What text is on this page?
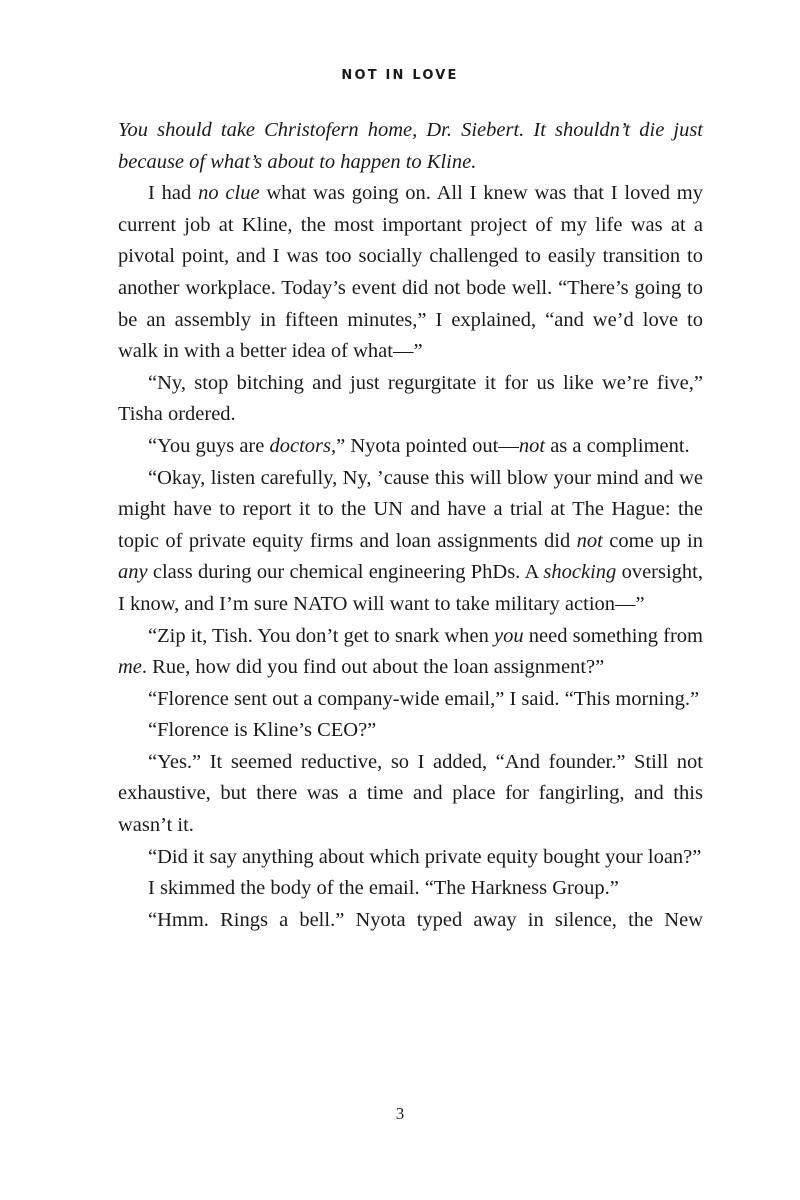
NOT IN LOVE

You should take Christofern home, Dr. Siebert. It shouldn’t die just because of what’s about to happen to Kline.

I had no clue what was going on. All I knew was that I loved my current job at Kline, the most important project of my life was at a pivotal point, and I was too socially challenged to easily transition to another workplace. Today’s event did not bode well. “There’s going to be an assembly in fifteen minutes,” I explained, “and we’d love to walk in with a better idea of what—”

“Ny, stop bitching and just regurgitate it for us like we’re five,” Tisha ordered.

“You guys are doctors,” Nyota pointed out—not as a compliment.

“Okay, listen carefully, Ny, ’cause this will blow your mind and we might have to report it to the UN and have a trial at The Hague: the topic of private equity firms and loan assignments did not come up in any class during our chemical engineering PhDs. A shocking oversight, I know, and I’m sure NATO will want to take military action—”

“Zip it, Tish. You don’t get to snark when you need something from me. Rue, how did you find out about the loan assignment?”

“Florence sent out a company-wide email,” I said. “This morning.”

“Florence is Kline’s CEO?”

“Yes.” It seemed reductive, so I added, “And founder.” Still not exhaustive, but there was a time and place for fangirling, and this wasn’t it.

“Did it say anything about which private equity bought your loan?”

I skimmed the body of the email. “The Harkness Group.”

“Hmm. Rings a bell.” Nyota typed away in silence, the New

3
